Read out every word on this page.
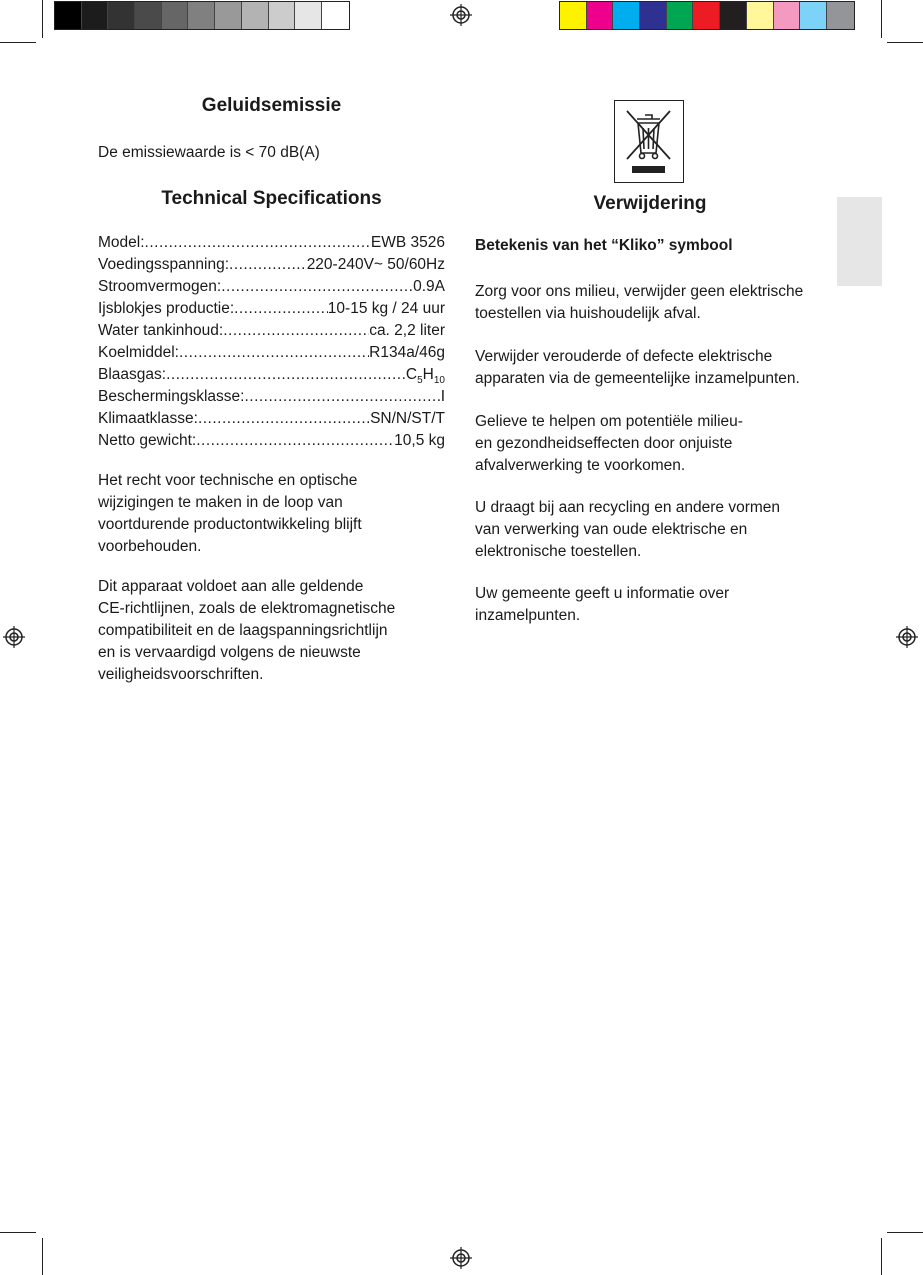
Geluidsemissie

De emissiewaarde is < 70 dB(A)

Technical Specifications
Model: .....	EWB 3526
Voedingsspanning: .....	220-240V~ 50/60Hz
Stroomvermogen: .....	0.9A
Ijsblokjes productie: .....	10-15 kg / 24 uur
Water tankinhoud: .....	ca. 2,2 liter
Koelmiddel: .....	R134a/46g
Blaasgas: .....	$C_5H_{10}$
Beschermingsklasse: .....	I
Klimaatklasse: .....	SN/N/ST/T
Netto gewicht: .....	10,5 kg

Het recht voor technische en optische
wijzigingen te maken in de loop van
voortdurende productontwikkeling blijft
voorbehouden.

Dit apparaat voldoet aan alle geldende
CE-richtlijnen, zoals de elektromagnetische
compatibiliteit en de laagspanningsrichtlijn
en is vervaardigd volgens de nieuwste
veiligheidsvoorschriften.

Verwijdering

Betekenis van het “Kliko” symbool

Zorg voor ons milieu, verwijder geen elektrische
toestellen via huishoudelijk afval.

Verwijder verouderde of defecte elektrische
apparaten via de gemeentelijke inzamelpunten.

Gelieve te helpen om potentiële milieu-
en gezondheidseffecten door onjuiste
afvalverwerking te voorkomen.

U draagt bij aan recycling en andere vormen
van verwerking van oude elektrische en
elektronische toestellen.

Uw gemeente geeft u informatie over
inzamelpunten.
